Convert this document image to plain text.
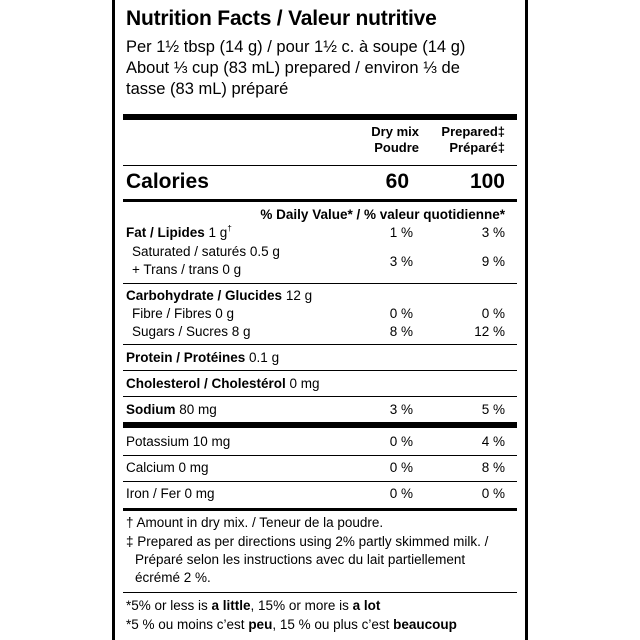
Nutrition Facts / Valeur nutritive
Per 1½ tbsp (14 g) / pour 1½ c. à soupe (14 g)
About ⅓ cup (83 mL) prepared / environ ⅓ de
tasse (83 mL) préparé
Dry mix
Poudre
Prepared‡
Préparé‡
Calories	60	100
% Daily Value* / % valeur quotidienne*
Fat / Lipides 1 g†	1 %	3 %
Saturated / saturés 0.5 g
+ Trans / trans 0 g
3 %	9 %
Carbohydrate / Glucides 12 g
Fibre / Fibres 0 g	0 %	0 %
Sugars / Sucres 8 g	8 %	12 %
Protein / Protéines 0.1 g
Cholesterol / Cholestérol 0 mg
Sodium 80 mg	3 %	5 %
Potassium 10 mg	0 %	4 %
Calcium 0 mg	0 %	8 %
Iron / Fer 0 mg	0 %	0 %
† Amount in dry mix. / Teneur de la poudre.
‡ Prepared as per directions using 2% partly skimmed milk. /
Préparé selon les instructions avec du lait partiellement
écrémé 2 %.
*5% or less is a little, 15% or more is a lot
*5 % ou moins c’est peu, 15 % ou plus c’est beaucoup
